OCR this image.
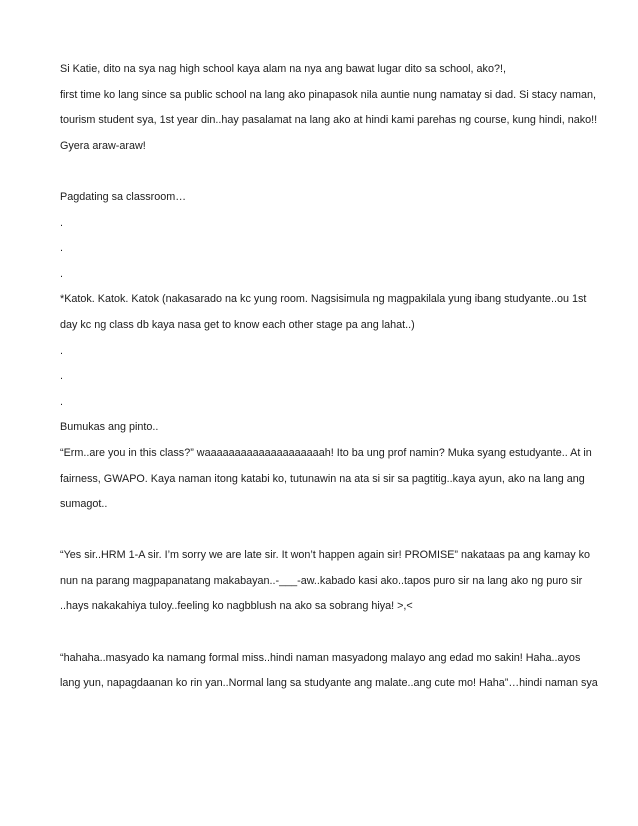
Si Katie, dito na sya nag high school kaya alam na nya ang bawat lugar dito sa school, ako?!,

first time ko lang since sa public school na lang ako pinapasok nila auntie nung namatay si dad. Si stacy naman,

tourism student sya, 1st year din..hay pasalamat na lang ako at hindi kami parehas ng course, kung hindi, nako!!

Gyera araw-araw!

Pagdating sa classroom…

.

.

.

*Katok. Katok. Katok (nakasarado na kc yung room. Nagsisimula ng magpakilala yung ibang studyante..ou 1st

day kc ng class db kaya nasa get to know each other stage pa ang lahat..)

.

.

.

Bumukas ang pinto..

“Erm..are you in this class?” waaaaaaaaaaaaaaaaaaaah! Ito ba ung prof namin? Muka syang estudyante.. At in

fairness, GWAPO. Kaya naman itong katabi ko, tutunawin na ata si sir sa pagtitig..kaya ayun, ako na lang ang

sumagot..

“Yes sir..HRM 1-A sir. I’m sorry we are late sir. It won’t happen again sir! PROMISE” nakataas pa ang kamay ko

nun na parang magpapanatang makabayan..-___-aw..kabado kasi ako..tapos puro sir na lang ako ng puro sir

..hays nakakahiya tuloy..feeling ko nagbblush na ako sa sobrang hiya! >,<

“hahaha..masyado ka namang formal miss..hindi naman masyadong malayo ang edad mo sakin! Haha..ayos

lang yun, napagdaanan ko rin yan..Normal lang sa studyante ang malate..ang cute mo! Haha”…hindi naman sya
